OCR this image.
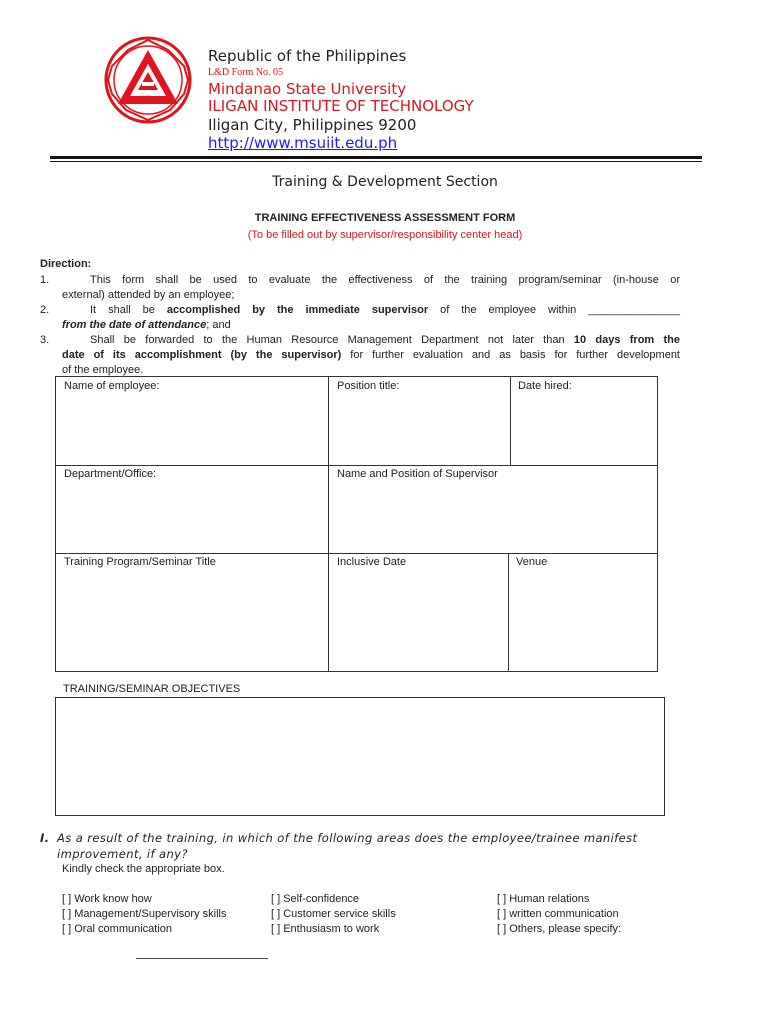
Republic of the Philippines
L&D Form No. 05
Mindanao State University
ILIGAN INSTITUTE OF TECHNOLOGY
Iligan City, Philippines 9200
http://www.msuiit.edu.ph
Training & Development Section
TRAINING EFFECTIVENESS ASSESSMENT FORM
(To be filled out by supervisor/responsibility center head)
Direction:
1.	This form shall be used to evaluate the effectiveness of the training program/seminar (in-house or
external) attended by an employee;
2.	It shall be accomplished by the immediate supervisor of the employee within _______________
from the date of attendance; and
3.	Shall be forwarded to the Human Resource Management Department not later than 10 days from the
date of its accomplishment (by the supervisor) for further evaluation and as basis for further development
of the employee.
Name of employee:	Position title:	Date hired:
Department/Office:	Name and Position of Supervisor
Training Program/Seminar Title	Inclusive Date	Venue
TRAINING/SEMINAR OBJECTIVES
I. As a result of the training, in which of the following areas does the employee/trainee manifest
improvement, if any?
Kindly check the appropriate box.
[ ] Work know how
[ ] Management/Supervisory skills
[ ] Oral communication
[ ] Self-confidence
[ ] Customer service skills
[ ] Enthusiasm to work
[ ] Human relations
[ ] written communication
[ ] Others, please specify:
